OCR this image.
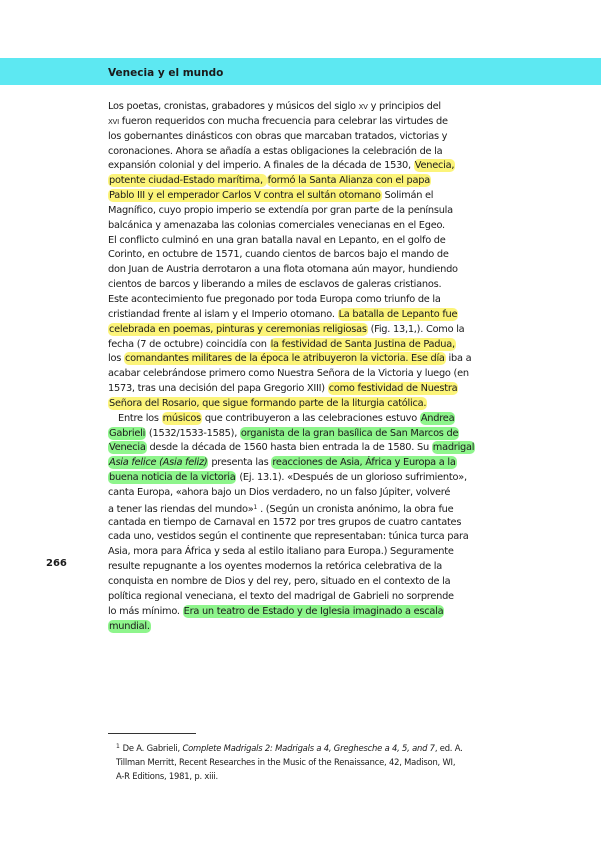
Venecia y el mundo
Los poetas, cronistas, grabadores y músicos del siglo xv y principios del
xvi fueron requeridos con mucha frecuencia para celebrar las virtudes de
los gobernantes dinásticos con obras que marcaban tratados, victorias y
coronaciones. Ahora se añadía a estas obligaciones la celebración de la
expansión colonial y del imperio. A finales de la década de 1530, Venecia,
potente ciudad-Estado marítima, formó la Santa Alianza con el papa
Pablo III y el emperador Carlos V contra el sultán otomano Solimán el
Magnífico, cuyo propio imperio se extendía por gran parte de la península
balcánica y amenazaba las colonias comerciales venecianas en el Egeo.
El conflicto culminó en una gran batalla naval en Lepanto, en el golfo de
Corinto, en octubre de 1571, cuando cientos de barcos bajo el mando de
don Juan de Austria derrotaron a una flota otomana aún mayor, hundiendo
cientos de barcos y liberando a miles de esclavos de galeras cristianos.
Este acontecimiento fue pregonado por toda Europa como triunfo de la
cristiandad frente al islam y el Imperio otomano. La batalla de Lepanto fue
celebrada en poemas, pinturas y ceremonias religiosas (Fig. 13,1,). Como la
fecha (7 de octubre) coincidía con la festividad de Santa Justina de Padua,
los comandantes militares de la época le atribuyeron la victoria. Ese día iba a
acabar celebrándose primero como Nuestra Señora de la Victoria y luego (en
1573, tras una decisión del papa Gregorio XIII) como festividad de Nuestra
Señora del Rosario, que sigue formando parte de la liturgia católica.
Entre los músicos que contribuyeron a las celebraciones estuvo Andrea
Gabrieli (1532/1533-1585), organista de la gran basílica de San Marcos de
Venecia desde la década de 1560 hasta bien entrada la de 1580. Su madrigal
Asia felice (Asia feliz) presenta las reacciones de Asia, África y Europa a la
buena noticia de la victoria (Ej. 13.1). «Después de un glorioso sufrimiento»,
canta Europa, «ahora bajo un Dios verdadero, no un falso Júpiter, volveré
a tener las riendas del mundo»$^1$ . (Según un cronista anónimo, la obra fue
cantada en tiempo de Carnaval en 1572 por tres grupos de cuatro cantates
cada uno, vestidos según el continente que representaban: túnica turca para
Asia, mora para África y seda al estilo italiano para Europa.) Seguramente
resulte repugnante a los oyentes modernos la retórica celebrativa de la
conquista en nombre de Dios y del rey, pero, situado en el contexto de la
política regional veneciana, el texto del madrigal de Gabrieli no sorprende
lo más mínimo. Era un teatro de Estado y de Iglesia imaginado a escala
mundial.

266

$^1$ De A. Gabrieli, Complete Madrigals 2: Madrigals a 4, Greghesche a 4, 5, and 7, ed. A.
Tillman Merritt, Recent Researches in the Music of the Renaissance, 42, Madison, WI,
A-R Editions, 1981, p. xiii.
